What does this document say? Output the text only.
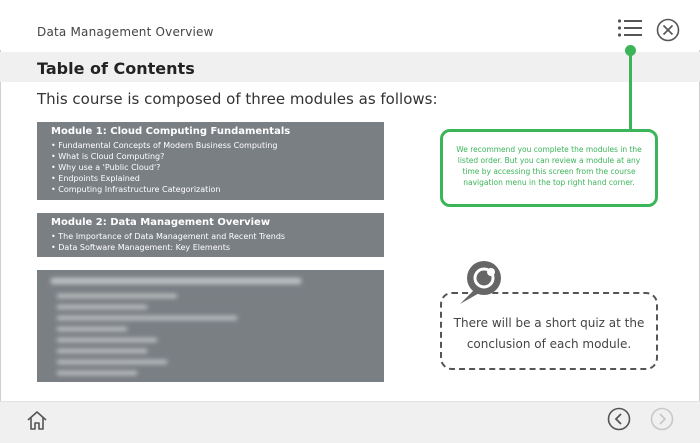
Data Management Overview
Table of Contents
This course is composed of three modules as follows:
Module 1: Cloud Computing Fundamentals
• Fundamental Concepts of Modern Business Computing
• What is Cloud Computing?
• Why use a 'Public Cloud'?
• Endpoints Explained
• Computing Infrastructure Categorization
Module 2: Data Management Overview
• The Importance of Data Management and Recent Trends
• Data Software Management: Key Elements
We recommend you complete the modules in the listed order. But you can review a module at any time by accessing this screen from the course navigation menu in the top right hand corner.
There will be a short quiz at the conclusion of each module.
